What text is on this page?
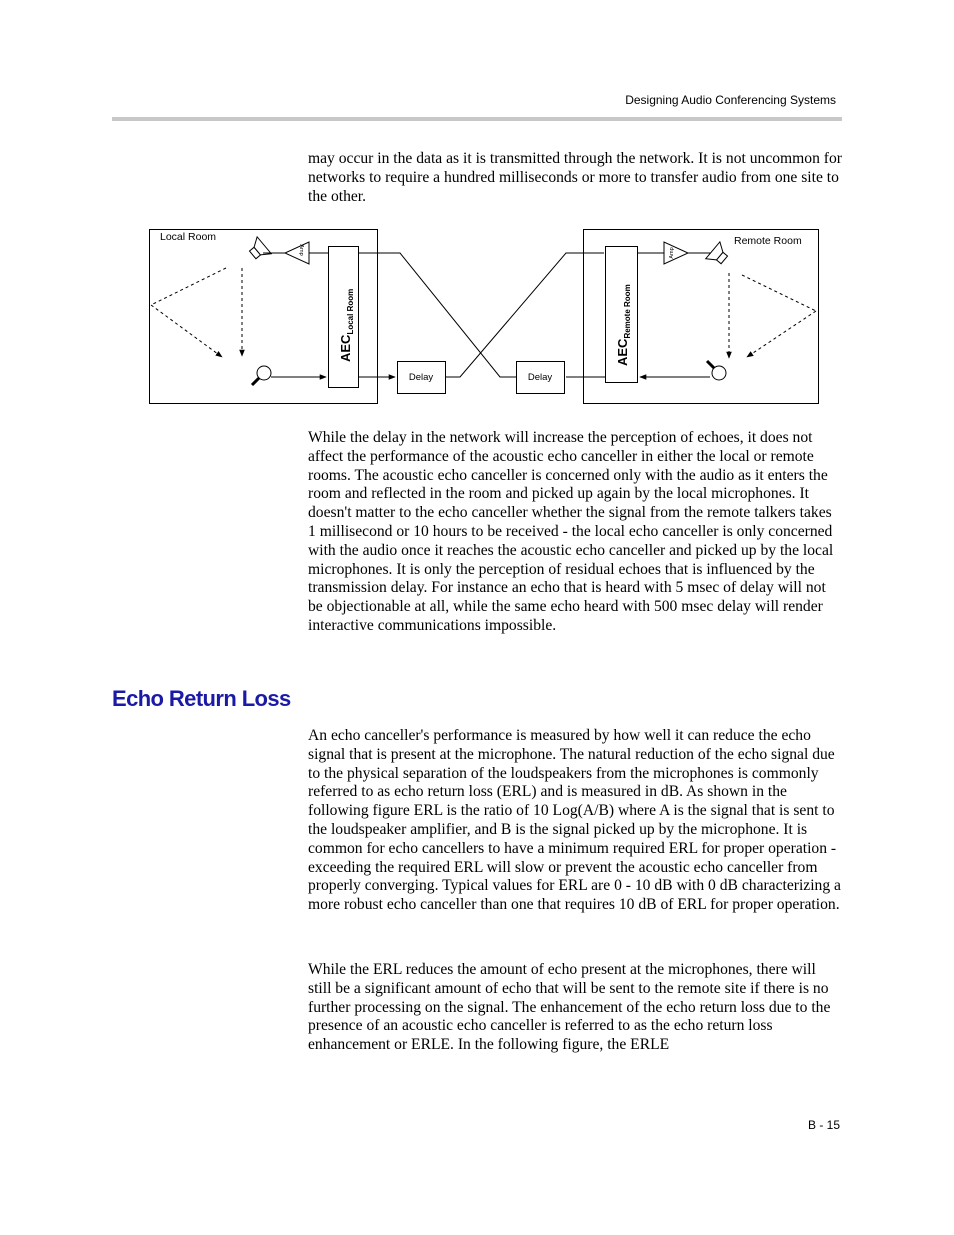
Designing Audio Conferencing Systems

may occur in the data as it is transmitted through the network. It is not uncommon for networks to require a hundred milliseconds or more to transfer audio from one site to the other.

Local Room
Amp
$AEC_{Local Room}$
Delay	Delay
Remote Room
$AEC_{Remote Room}$
Amp

While the delay in the network will increase the perception of echoes, it does not affect the performance of the acoustic echo canceller in either the local or remote rooms. The acoustic echo canceller is concerned only with the audio as it enters the room and reflected in the room and picked up again by the local microphones. It doesn't matter to the echo canceller whether the signal from the remote talkers takes 1 millisecond or 10 hours to be received - the local echo canceller is only concerned with the audio once it reaches the acoustic echo canceller and picked up by the local microphones. It is only the perception of residual echoes that is influenced by the transmission delay. For instance an echo that is heard with 5 msec of delay will not be objectionable at all, while the same echo heard with 500 msec delay will render interactive communications impossible.

Echo Return Loss

An echo canceller's performance is measured by how well it can reduce the echo signal that is present at the microphone. The natural reduction of the echo signal due to the physical separation of the loudspeakers from the microphones is commonly referred to as echo return loss (ERL) and is measured in dB. As shown in the following figure ERL is the ratio of 10 Log(A/B) where A is the signal that is sent to the loudspeaker amplifier, and B is the signal picked up by the microphone. It is common for echo cancellers to have a minimum required ERL for proper operation - exceeding the required ERL will slow or prevent the acoustic echo canceller from properly converging. Typical values for ERL are 0 - 10 dB with 0 dB characterizing a more robust echo canceller than one that requires 10 dB of ERL for proper operation.

While the ERL reduces the amount of echo present at the microphones, there will still be a significant amount of echo that will be sent to the remote site if there is no further processing on the signal. The enhancement of the echo return loss due to the presence of an acoustic echo canceller is referred to as the echo return loss enhancement or ERLE. In the following figure, the ERLE

B - 15
